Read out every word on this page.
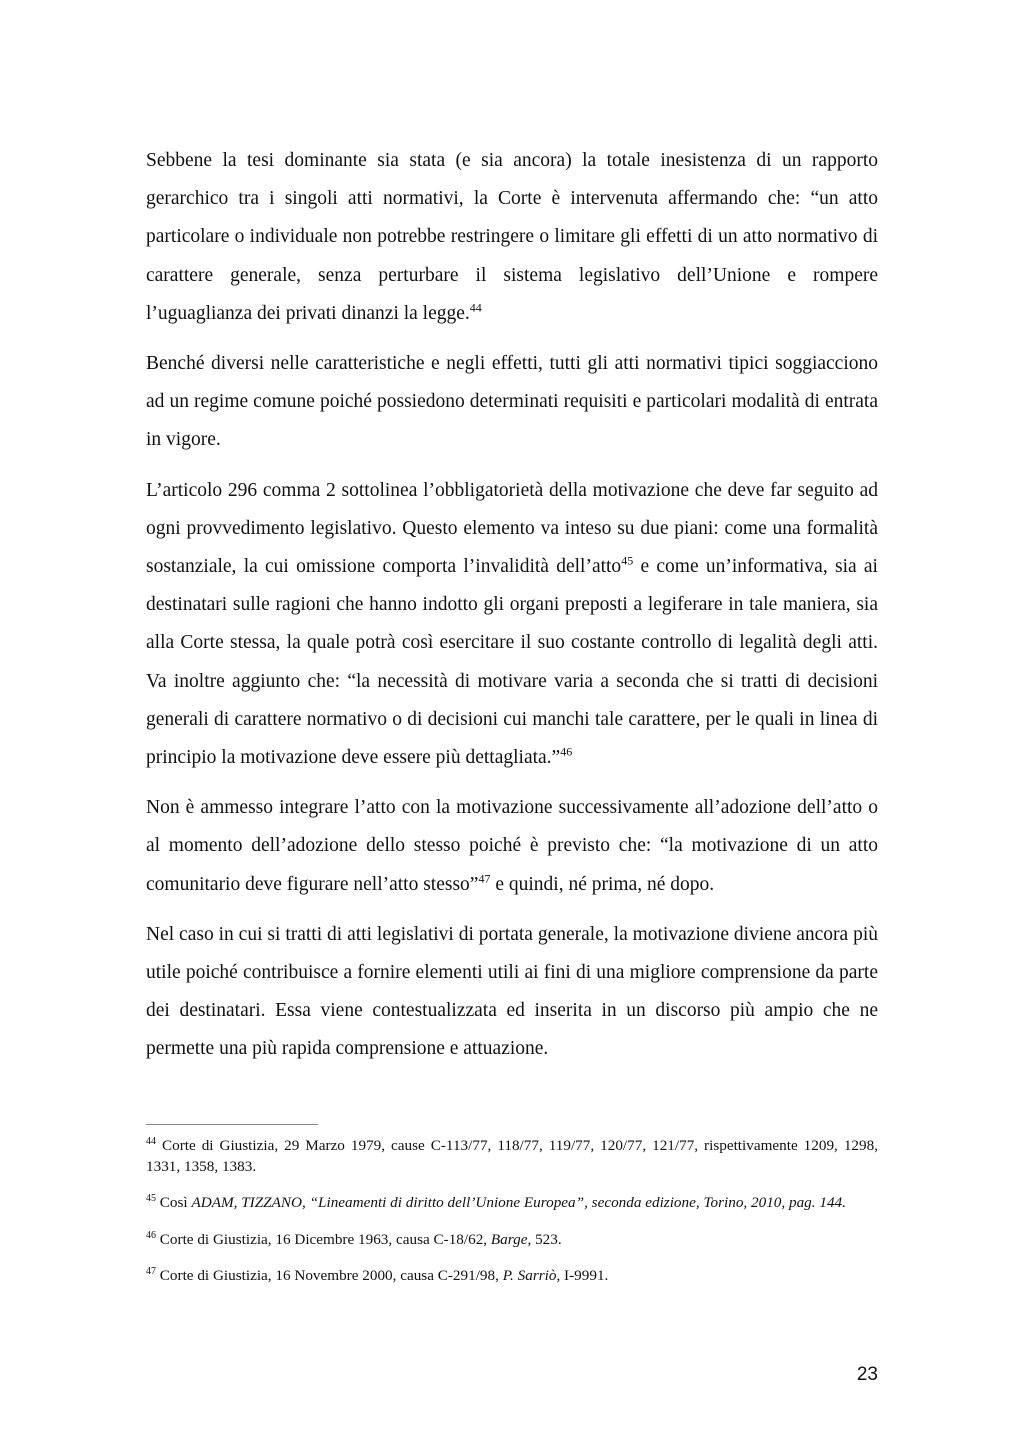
Sebbene la tesi dominante sia stata (e sia ancora) la totale inesistenza di un rapporto gerarchico tra i singoli atti normativi, la Corte è intervenuta affermando che: “un atto particolare o individuale non potrebbe restringere o limitare gli effetti di un atto normativo di carattere generale, senza perturbare il sistema legislativo dell’Unione e rompere l’uguaglianza dei privati dinanzi la legge.$^{44}$

Benché diversi nelle caratteristiche e negli effetti, tutti gli atti normativi tipici soggiacciono ad un regime comune poiché possiedono determinati requisiti e particolari modalità di entrata in vigore.

L’articolo 296 comma 2 sottolinea l’obbligatorietà della motivazione che deve far seguito ad ogni provvedimento legislativo. Questo elemento va inteso su due piani: come una formalità sostanziale, la cui omissione comporta l’invalidità dell’atto$^{45}$ e come un’informativa, sia ai destinatari sulle ragioni che hanno indotto gli organi preposti a legiferare in tale maniera, sia alla Corte stessa, la quale potrà così esercitare il suo costante controllo di legalità degli atti. Va inoltre aggiunto che: “la necessità di motivare varia a seconda che si tratti di decisioni generali di carattere normativo o di decisioni cui manchi tale carattere, per le quali in linea di principio la motivazione deve essere più dettagliata.”$^{46}$

Non è ammesso integrare l’atto con la motivazione successivamente all’adozione dell’atto o al momento dell’adozione dello stesso poiché è previsto che: “la motivazione di un atto comunitario deve figurare nell’atto stesso”$^{47}$ e quindi, né prima, né dopo.

Nel caso in cui si tratti di atti legislativi di portata generale, la motivazione diviene ancora più utile poiché contribuisce a fornire elementi utili ai fini di una migliore comprensione da parte dei destinatari. Essa viene contestualizzata ed inserita in un discorso più ampio che ne permette una più rapida comprensione e attuazione.

$^{44}$ Corte di Giustizia, 29 Marzo 1979, cause C-113/77, 118/77, 119/77, 120/77, 121/77, rispettivamente 1209, 1298, 1331, 1358, 1383.

$^{45}$ Così ADAM, TIZZANO, “Lineamenti di diritto dell’Unione Europea”, seconda edizione, Torino, 2010, pag. 144.

$^{46}$ Corte di Giustizia, 16 Dicembre 1963, causa C-18/62, Barge, 523.

$^{47}$ Corte di Giustizia, 16 Novembre 2000, causa C-291/98, P. Sarriò, I-9991.

23
